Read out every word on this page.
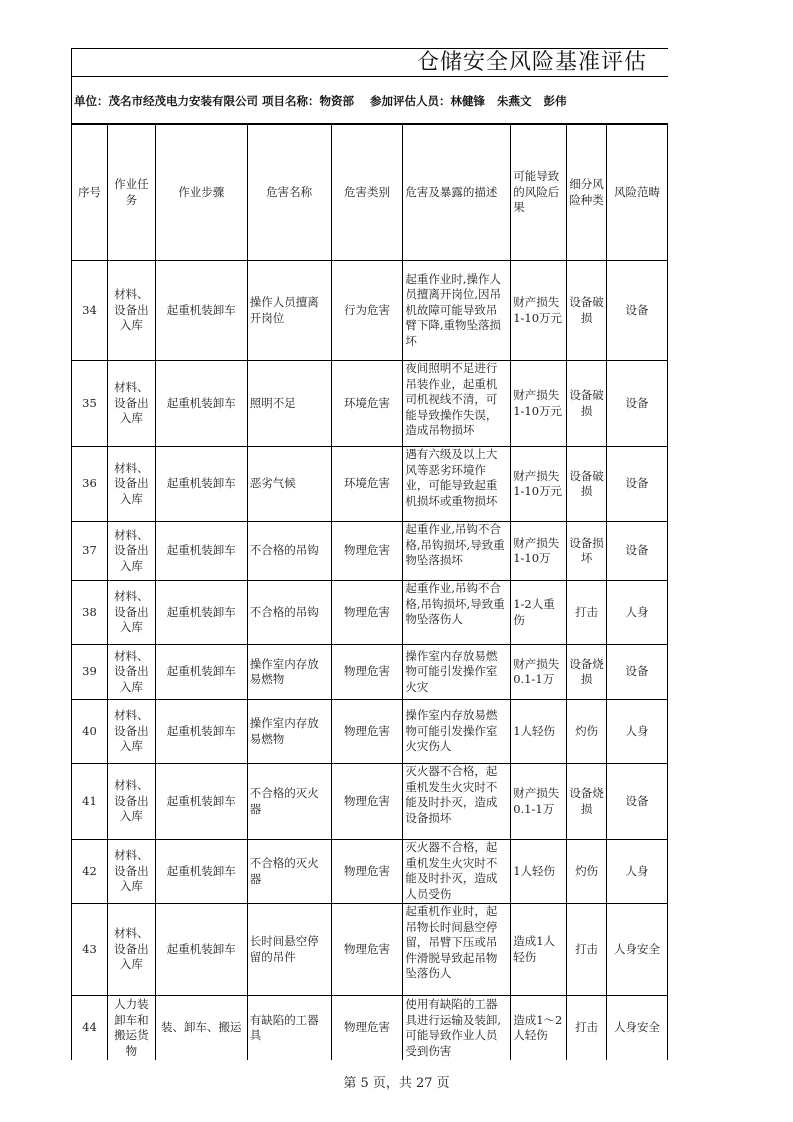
仓储安全风险基准评估
单位：茂名市经茂电力安装有限公司 项目名称：物资部    参加评估人员：林健锋   朱燕文   彭伟
序号	作业任务	作业步骤	危害名称	危害类别	危害及暴露的描述	可能导致的风险后果	细分风险种类	风险范畴
34	材料、设备出入库	起重机装卸车	操作人员擅离开岗位	行为危害	起重作业时,操作人员擅离开岗位,因吊机故障可能导致吊臂下降,重物坠落损坏	财产损失1-10万元	设备破损	设备
35	材料、设备出入库	起重机装卸车	照明不足	环境危害	夜间照明不足进行吊装作业，起重机司机视线不清，可能导致操作失误，造成吊物损坏	财产损失1-10万元	设备破损	设备
36	材料、设备出入库	起重机装卸车	恶劣气候	环境危害	遇有六级及以上大风等恶劣环境作业，可能导致起重机损坏或重物损坏	财产损失1-10万元	设备破损	设备
37	材料、设备出入库	起重机装卸车	不合格的吊钩	物理危害	起重作业,吊钩不合格,吊钩损坏,导致重物坠落损坏	财产损失1-10万	设备损坏	设备
38	材料、设备出入库	起重机装卸车	不合格的吊钩	物理危害	起重作业,吊钩不合格,吊钩损坏,导致重物坠落伤人	1-2人重伤	打击	人身
39	材料、设备出入库	起重机装卸车	操作室内存放易燃物	物理危害	操作室内存放易燃物可能引发操作室火灾	财产损失0.1-1万	设备烧损	设备
40	材料、设备出入库	起重机装卸车	操作室内存放易燃物	物理危害	操作室内存放易燃物可能引发操作室火灾伤人	1人轻伤	灼伤	人身
41	材料、设备出入库	起重机装卸车	不合格的灭火器	物理危害	灭火器不合格，起重机发生火灾时不能及时扑灭，造成设备损坏	财产损失0.1-1万	设备烧损	设备
42	材料、设备出入库	起重机装卸车	不合格的灭火器	物理危害	灭火器不合格，起重机发生火灾时不能及时扑灭，造成人员受伤	1人轻伤	灼伤	人身
43	材料、设备出入库	起重机装卸车	长时间悬空停留的吊件	物理危害	起重机作业时，起吊物长时间悬空停留，吊臂下压或吊件滑脱导致起吊物坠落伤人	造成1人轻伤	打击	人身安全
44	人力装卸车和搬运货物	装、卸车、搬运	有缺陷的工器具	物理危害	使用有缺陷的工器具进行运输及装卸,可能导致作业人员受到伤害	造成1～2人轻伤	打击	人身安全
第 5 页，共 27 页
